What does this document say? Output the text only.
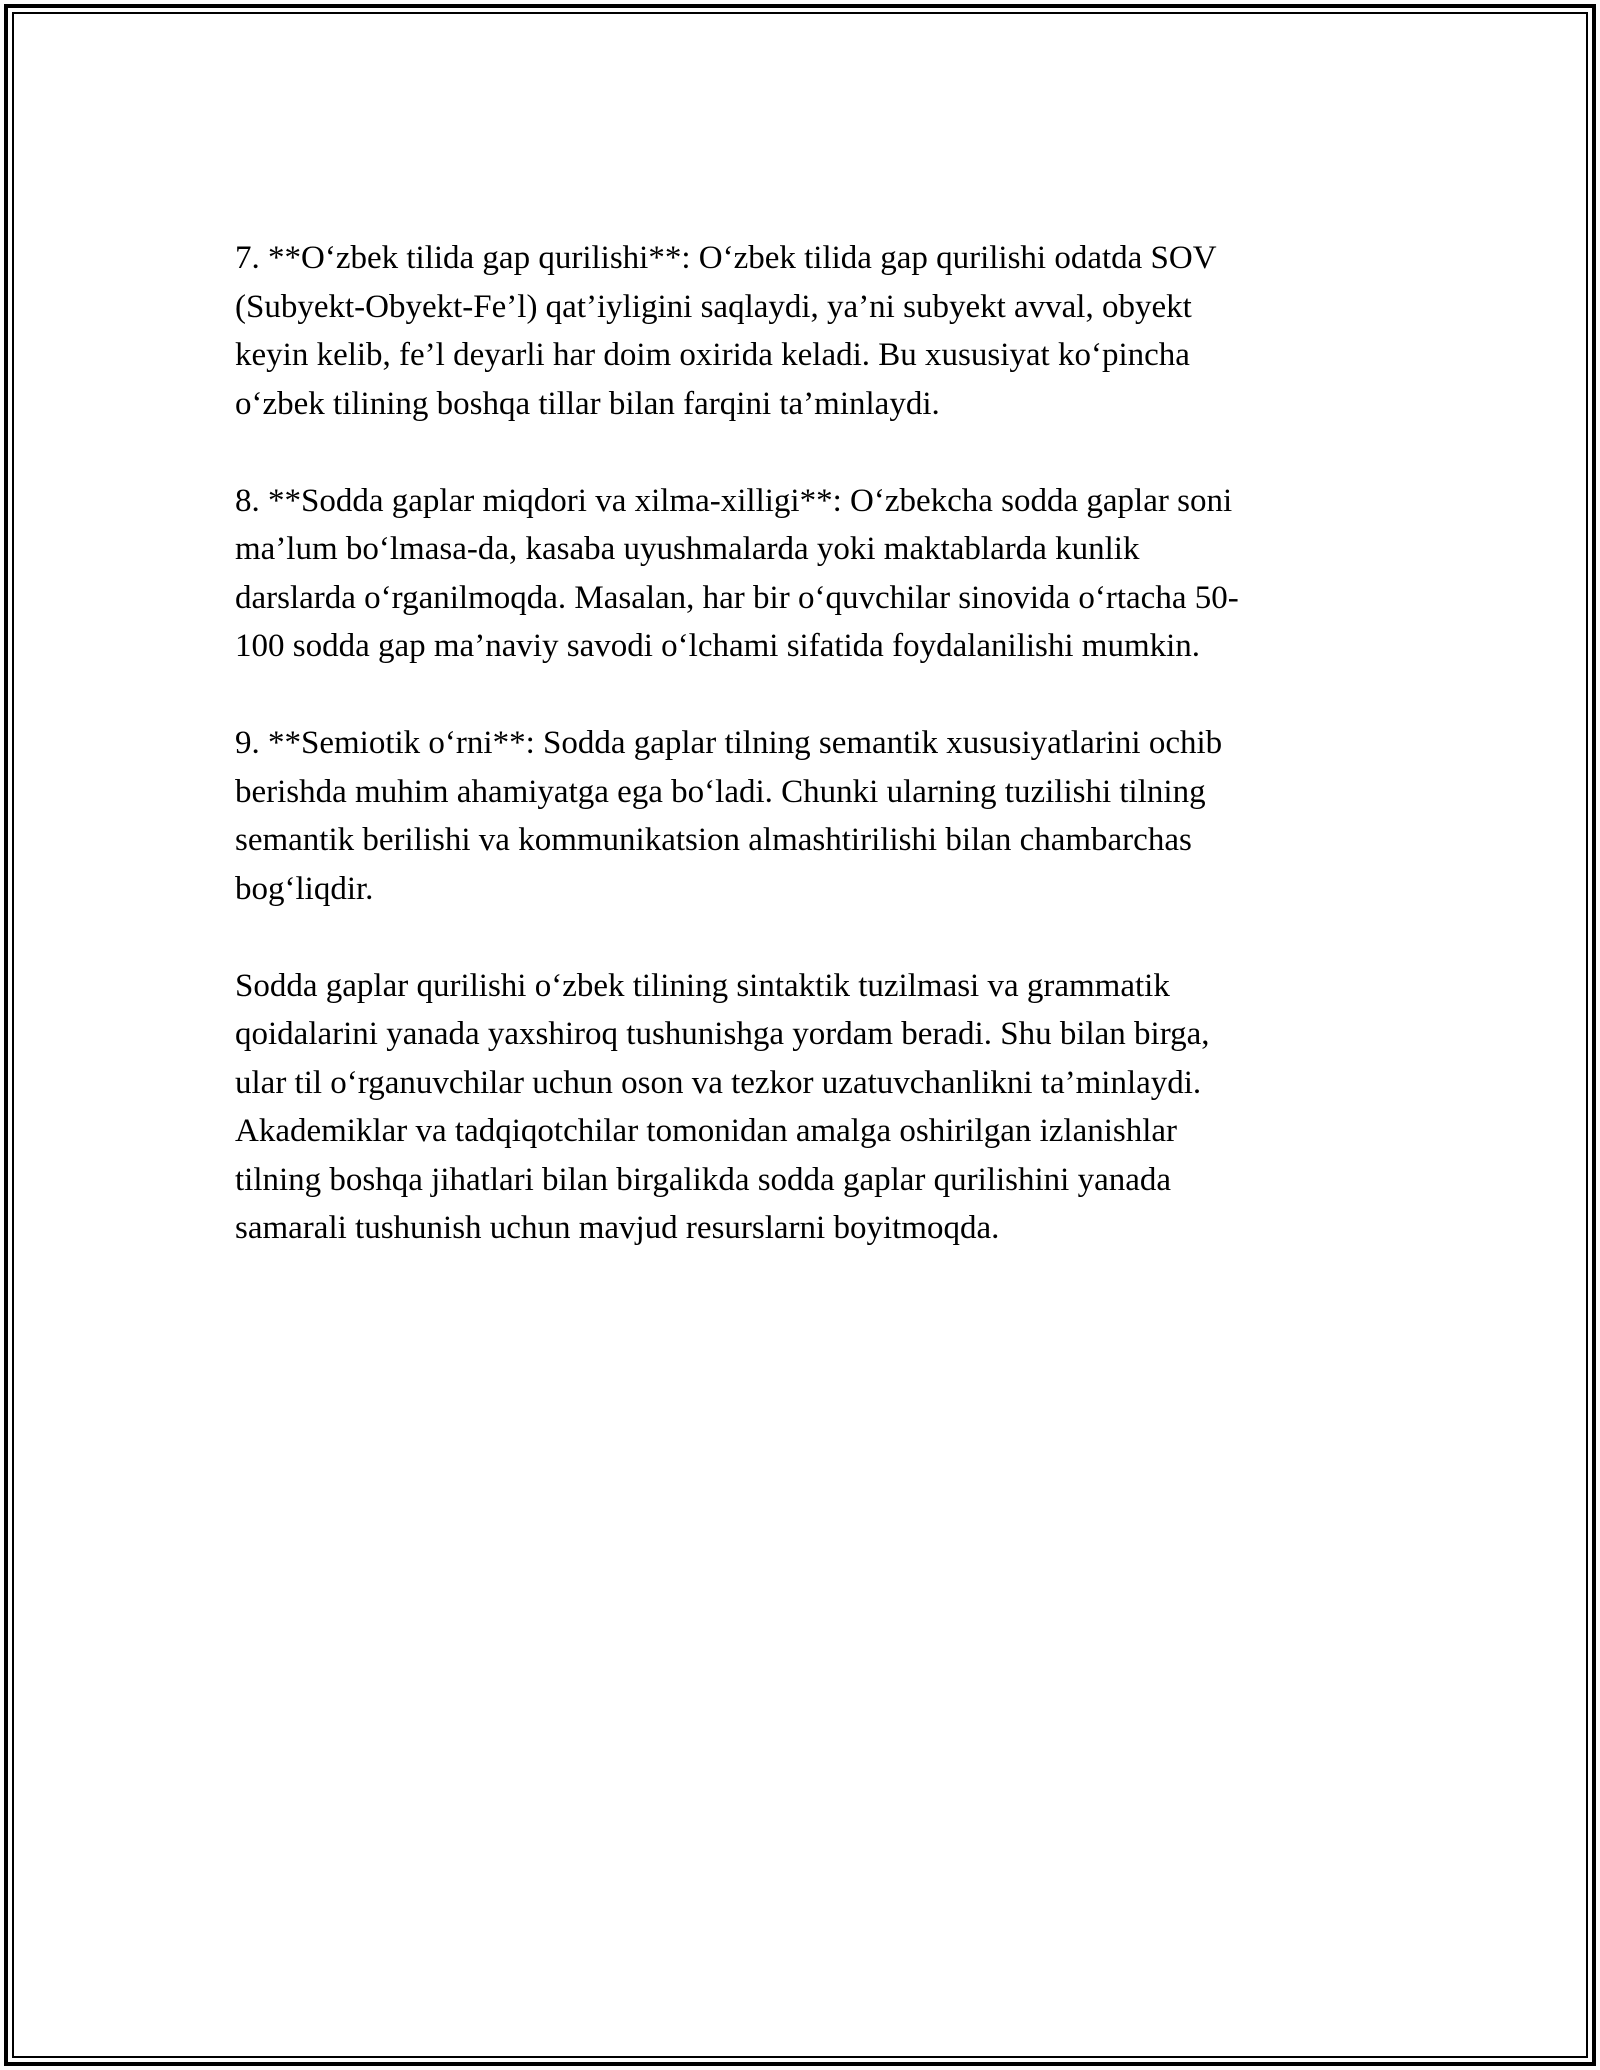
7. **O‘zbek tilida gap qurilishi**: O‘zbek tilida gap qurilishi odatda SOV
(Subyekt-Obyekt-Fe’l) qat’iyligini saqlaydi, ya’ni subyekt avval, obyekt
keyin kelib, fe’l deyarli har doim oxirida keladi. Bu xususiyat ko‘pincha
o‘zbek tilining boshqa tillar bilan farqini ta’minlaydi.

8. **Sodda gaplar miqdori va xilma-xilligi**: O‘zbekcha sodda gaplar soni
ma’lum bo‘lmasa-da, kasaba uyushmalarda yoki maktablarda kunlik
darslarda o‘rganilmoqda. Masalan, har bir o‘quvchilar sinovida o‘rtacha 50-
100 sodda gap ma’naviy savodi o‘lchami sifatida foydalanilishi mumkin.

9. **Semiotik o‘rni**: Sodda gaplar tilning semantik xususiyatlarini ochib
berishda muhim ahamiyatga ega bo‘ladi. Chunki ularning tuzilishi tilning
semantik berilishi va kommunikatsion almashtirilishi bilan chambarchas
bog‘liqdir.

Sodda gaplar qurilishi o‘zbek tilining sintaktik tuzilmasi va grammatik
qoidalarini yanada yaxshiroq tushunishga yordam beradi. Shu bilan birga,
ular til o‘rganuvchilar uchun oson va tezkor uzatuvchanlikni ta’minlaydi.
Akademiklar va tadqiqotchilar tomonidan amalga oshirilgan izlanishlar
tilning boshqa jihatlari bilan birgalikda sodda gaplar qurilishini yanada
samarali tushunish uchun mavjud resurslarni boyitmoqda.
